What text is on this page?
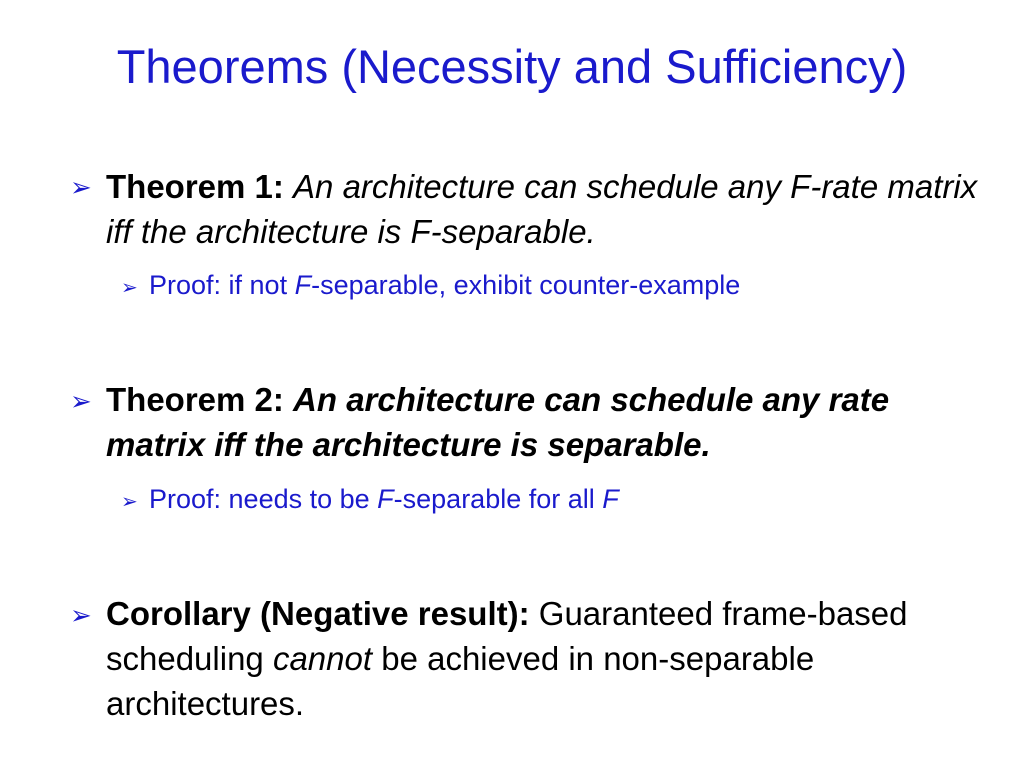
Theorems (Necessity and Sufficiency)
➢ Theorem 1: An architecture can schedule any F-rate matrix iff the architecture is F-separable.
➢ Proof: if not F-separable, exhibit counter-example
➢ Theorem 2: An architecture can schedule any rate matrix iff the architecture is separable.
➢ Proof: needs to be F-separable for all F
➢ Corollary (Negative result): Guaranteed frame-based scheduling cannot be achieved in non-separable architectures.
